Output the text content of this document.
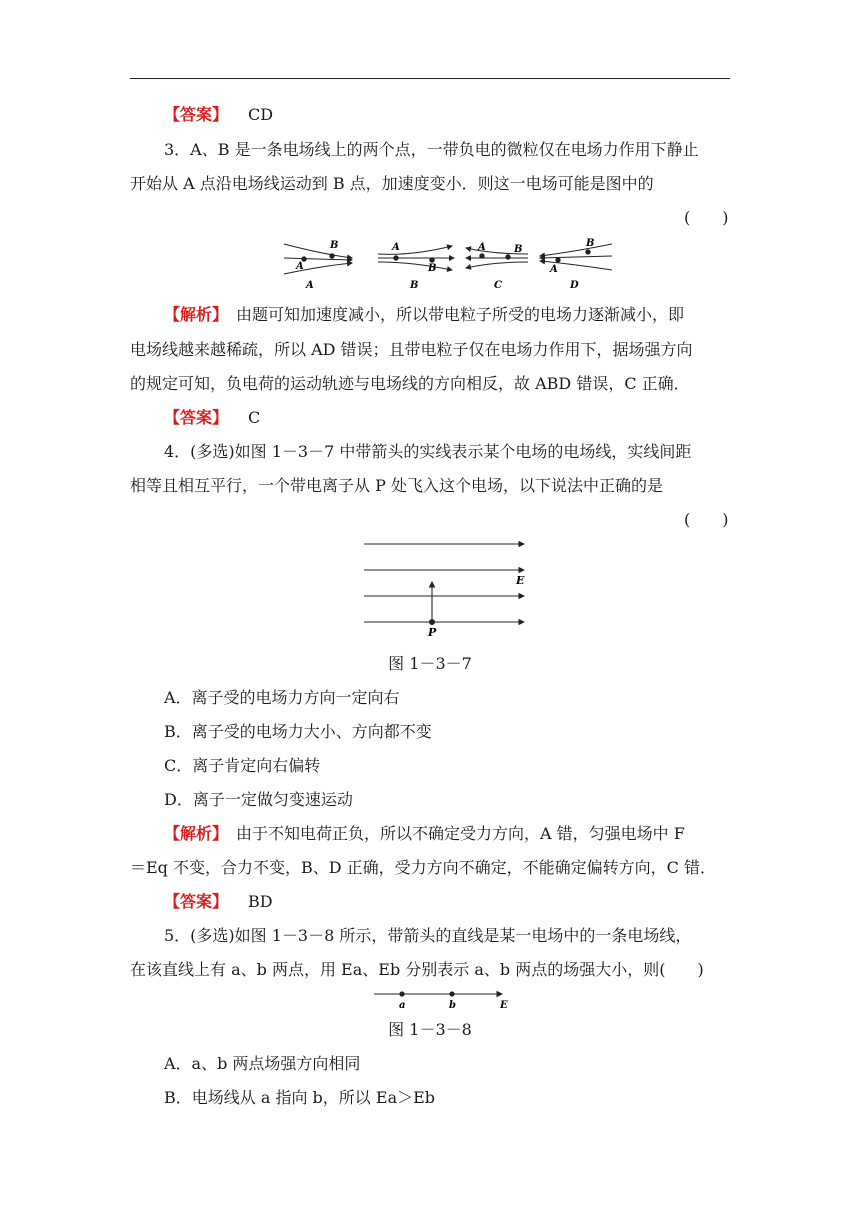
【答案】 CD
3．A、B 是一条电场线上的两个点，一带负电的微粒仅在电场力作用下静止
开始从 A 点沿电场线运动到 B 点，加速度变小．则这一电场可能是图中的
(　　)
B
A
A
A
B
B
A	B
C
B
A
D
【解析】　 由题可知加速度减小，所以带电粒子所受的电场力逐渐减小，即
电场线越来越稀疏，所以 AD 错误；且带电粒子仅在电场力作用下，据场强方向
的规定可知，负电荷的运动轨迹与电场线的方向相反，故 ABD 错误，C 正确．
【答案】 C
4．(多选)如图 1－3－7 中带箭头的实线表示某个电场的电场线，实线间距
相等且相互平行，一个带电离子从 P 处飞入这个电场，以下说法中正确的是
(　　)
E
P
图 1－3－7
A．离子受的电场力方向一定向右
B．离子受的电场力大小、方向都不变
C．离子肯定向右偏转
D．离子一定做匀变速运动
【解析】　 由于不知电荷正负，所以不确定受力方向，A 错，匀强电场中 F
＝Eq 不变，合力不变，B、D 正确，受力方向不确定，不能确定偏转方向，C 错．
【答案】 BD
5．(多选)如图 1－3－8 所示，带箭头的直线是某一电场中的一条电场线，
在该直线上有 a、b 两点，用 Ea、Eb 分别表示 a、b 两点的场强大小，则(　　)
a	b	E
图 1－3－8
A．a、b 两点场强方向相同
B．电场线从 a 指向 b，所以 Ea＞Eb
